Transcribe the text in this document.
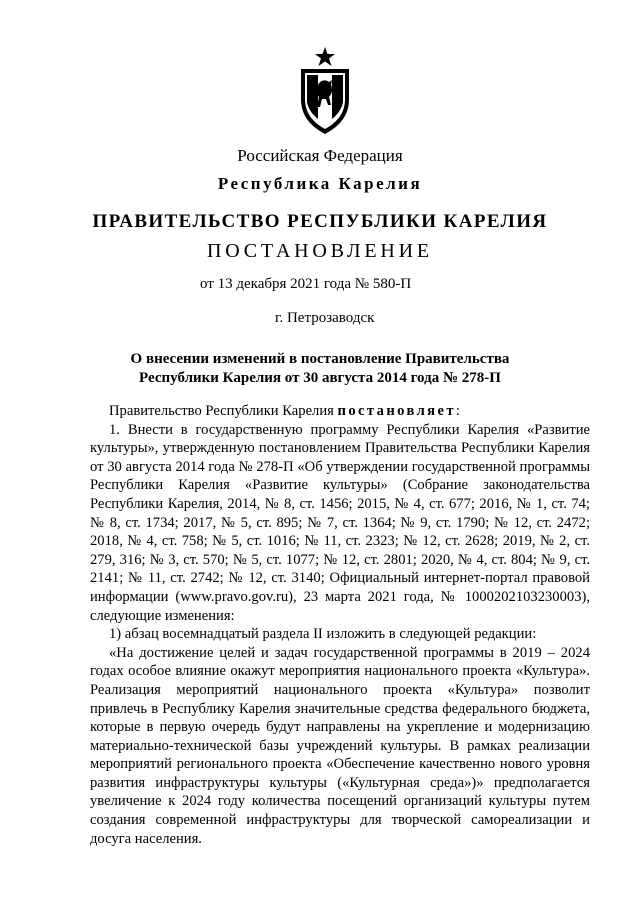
Российская Федерация
Республика Карелия
ПРАВИТЕЛЬСТВО РЕСПУБЛИКИ КАРЕЛИЯ
ПОСТАНОВЛЕНИЕ
от 13 декабря 2021 года № 580-П
г. Петрозаводск
О внесении изменений в постановление Правительства
Республики Карелия от 30 августа 2014 года № 278-П

Правительство Республики Карелия постановляет:

1. Внести в государственную программу Республики Карелия «Развитие культуры», утвержденную постановлением Правительства Республики Карелия от 30 августа 2014 года № 278-П «Об утверждении государственной программы Республики Карелия «Развитие культуры» (Собрание законодательства Республики Карелия, 2014, № 8, ст. 1456; 2015, № 4, ст. 677; 2016, № 1, ст. 74; № 8, ст. 1734; 2017, № 5, ст. 895; № 7, ст. 1364; № 9, ст. 1790; № 12, ст. 2472; 2018, № 4, ст. 758; № 5, ст. 1016; № 11, ст. 2323; № 12, ст. 2628; 2019, № 2, ст. 279, 316; № 3, ст. 570; № 5, ст. 1077; № 12, ст. 2801; 2020, № 4, ст. 804; № 9, ст. 2141; № 11, ст. 2742; № 12, ст. 3140; Официальный интернет-портал правовой информации (www.pravo.gov.ru), 23 марта 2021 года, № 1000202103230003), следующие изменения:

1) абзац восемнадцатый раздела II изложить в следующей редакции:

«На достижение целей и задач государственной программы в 2019 – 2024 годах особое влияние окажут мероприятия национального проекта «Культура». Реализация мероприятий национального проекта «Культура» позволит привлечь в Республику Карелия значительные средства федерального бюджета, которые в первую очередь будут направлены на укрепление и модернизацию материально-технической базы учреждений культуры. В рамках реализации мероприятий регионального проекта «Обеспечение качественно нового уровня развития инфраструктуры культуры («Культурная среда»)» предполагается увеличение к 2024 году количества посещений организаций культуры путем создания современной инфраструктуры для творческой самореализации и досуга населения.
